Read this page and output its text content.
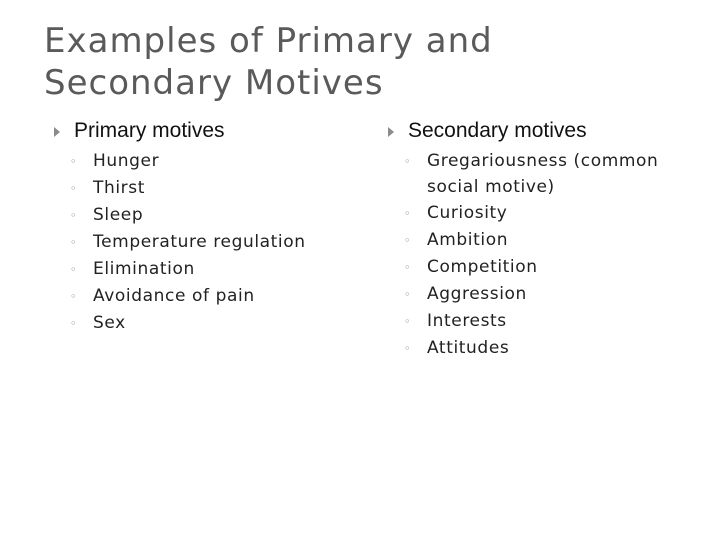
Examples of Primary and Secondary Motives
Primary motives
◦ Hunger
◦ Thirst
◦ Sleep
◦ Temperature regulation
◦ Elimination
◦ Avoidance of pain
◦ Sex
Secondary motives
◦ Gregariousness (common social motive)
◦ Curiosity
◦ Ambition
◦ Competition
◦ Aggression
◦ Interests
◦ Attitudes
